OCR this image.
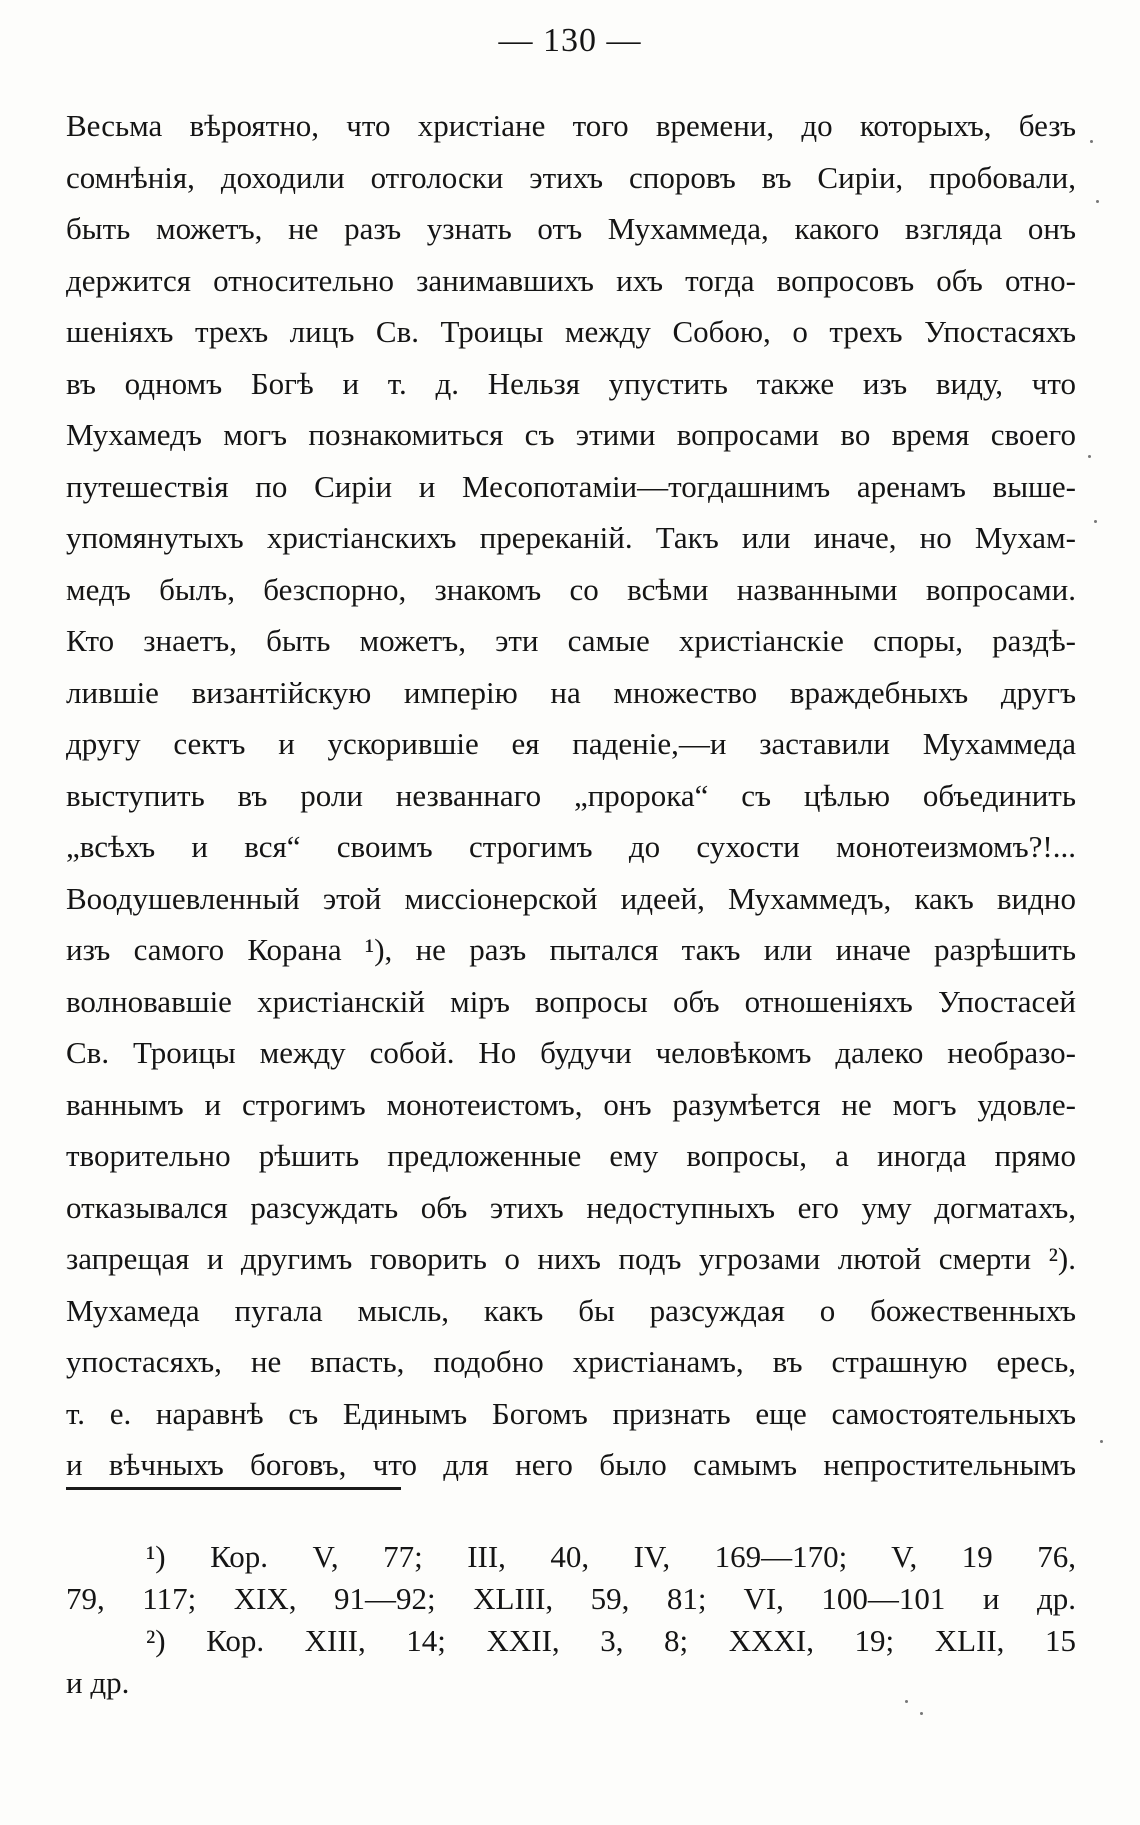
— 130 —
Весьма вѣроятно, что христiане того времени, до которыхъ, безъ
сомнѣнiя, доходили отголоски этихъ споровъ въ Сирiи, пробовали,
быть можетъ, не разъ узнать отъ Мухаммеда, какого взгляда онъ
держится относительно занимавшихъ ихъ тогда вопросовъ объ отно-
шенiяхъ трехъ лицъ Св. Троицы между Собою, о трехъ Упостасяхъ
въ одномъ Богѣ и т. д. Нельзя упустить также изъ виду, что
Мухамедъ могъ познакомиться съ этими вопросами во время своего
путешествiя по Сирiи и Месопотамiи—тогдашнимъ аренамъ выше-
упомянутыхъ христiанскихъ пререканiй. Такъ или иначе, но Мухам-
медъ былъ, безспорно, знакомъ со всѣми названными вопросами.
Кто знаетъ, быть можетъ, эти самые христiанскiе споры, раздѣ-
лившiе византiйскую имперiю на множество враждебныхъ другъ
другу сектъ и ускорившiе ея паденiе,—и заставили Мухаммеда
выступить въ роли незваннаго „пророка“ съ цѣлью объединить
„всѣхъ и вся“ своимъ строгимъ до сухости монотеизмомъ?!...
Воодушевленный этой миссiонерской идеей, Мухаммедъ, какъ видно
изъ самого Корана ¹), не разъ пытался такъ или иначе разрѣшить
волновавшiе христiанскiй мiръ вопросы объ отношенiяхъ Упостасей
Св. Троицы между собой. Но будучи человѣкомъ далеко необразо-
ваннымъ и строгимъ монотеистомъ, онъ разумѣется не могъ удовле-
творительно рѣшить предложенные ему вопросы, а иногда прямо
отказывался разсуждать объ этихъ недоступныхъ его уму догматахъ,
запрещая и другимъ говорить о нихъ подъ угрозами лютой смерти ²).
Мухамеда пугала мысль, какъ бы разсуждая о божественныхъ
упостасяхъ, не впасть, подобно христiанамъ, въ страшную ересь,
т. е. наравнѣ съ Единымъ Богомъ признать еще самостоятельныхъ
и вѣчныхъ боговъ, что для него было самымъ непростительнымъ
¹) Кор. V, 77; III, 40, IV, 169—170; V, 19 76,
79, 117; XIX, 91—92; XLIII, 59, 81; VI, 100—101 и др.
²) Кор. XIII, 14; XXII, 3, 8; XXXI, 19; XLII, 15
и др.
